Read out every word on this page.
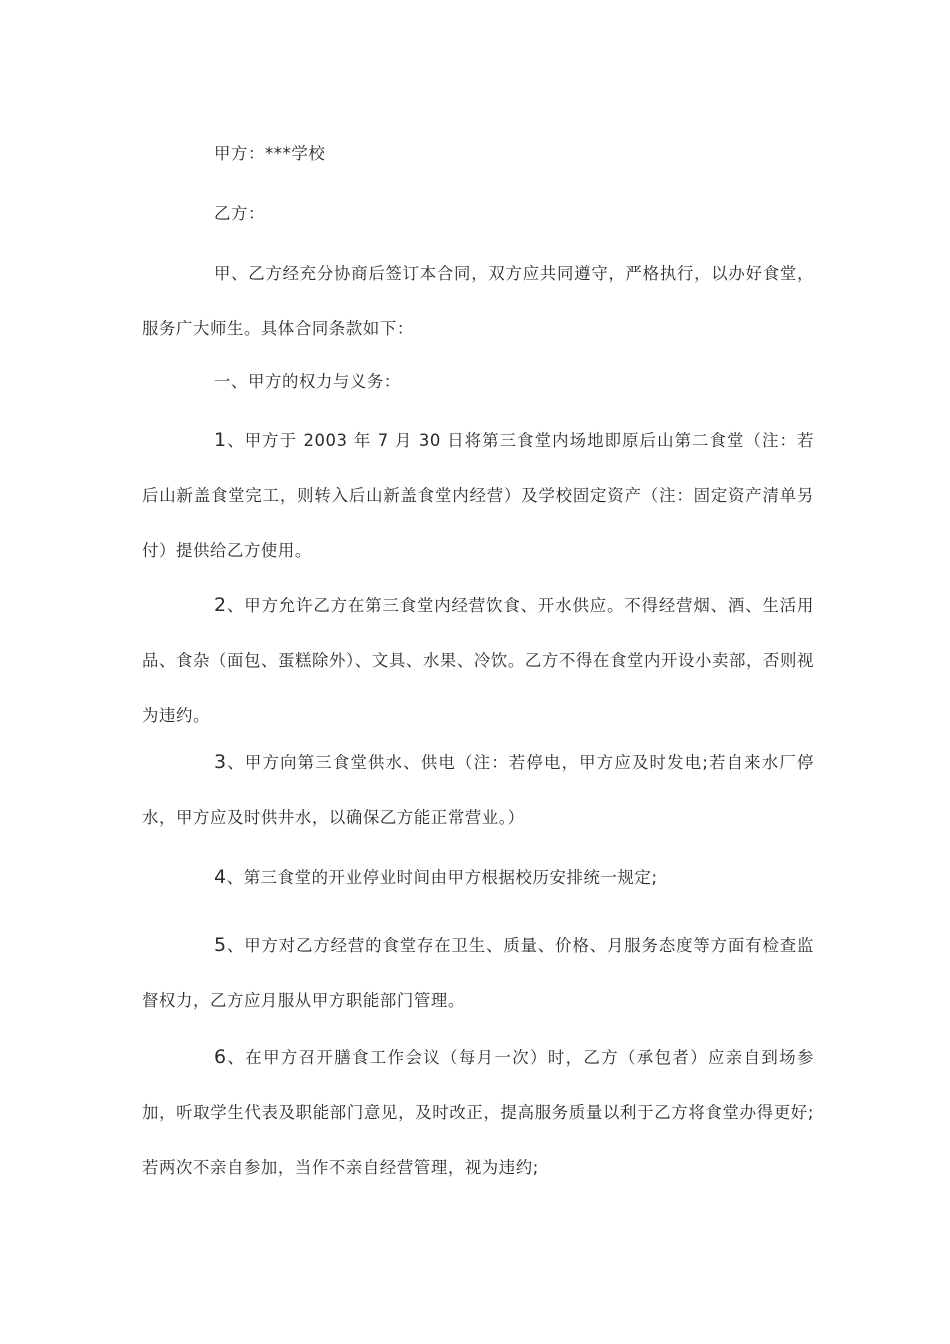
甲方：***学校

乙方：

甲、乙方经充分协商后签订本合同，双方应共同遵守，严格执行，以办好食堂，服务广大师生。具体合同条款如下：

一、甲方的权力与义务：

1、甲方于 2003 年 7 月 30 日将第三食堂内场地即原后山第二食堂（注：若后山新盖食堂完工，则转入后山新盖食堂内经营）及学校固定资产（注：固定资产清单另付）提供给乙方使用。

2、甲方允许乙方在第三食堂内经营饮食、开水供应。不得经营烟、酒、生活用品、食杂（面包、蛋糕除外）、文具、水果、冷饮。乙方不得在食堂内开设小卖部，否则视为违约。

3、甲方向第三食堂供水、供电（注：若停电，甲方应及时发电;若自来水厂停水，甲方应及时供井水，以确保乙方能正常营业。）

4、第三食堂的开业停业时间由甲方根据校历安排统一规定;

5、甲方对乙方经营的食堂存在卫生、质量、价格、月服务态度等方面有检查监督权力，乙方应月服从甲方职能部门管理。

6、在甲方召开膳食工作会议（每月一次）时，乙方（承包者）应亲自到场参加，听取学生代表及职能部门意见，及时改正，提高服务质量以利于乙方将食堂办得更好;若两次不亲自参加，当作不亲自经营管理，视为违约;
